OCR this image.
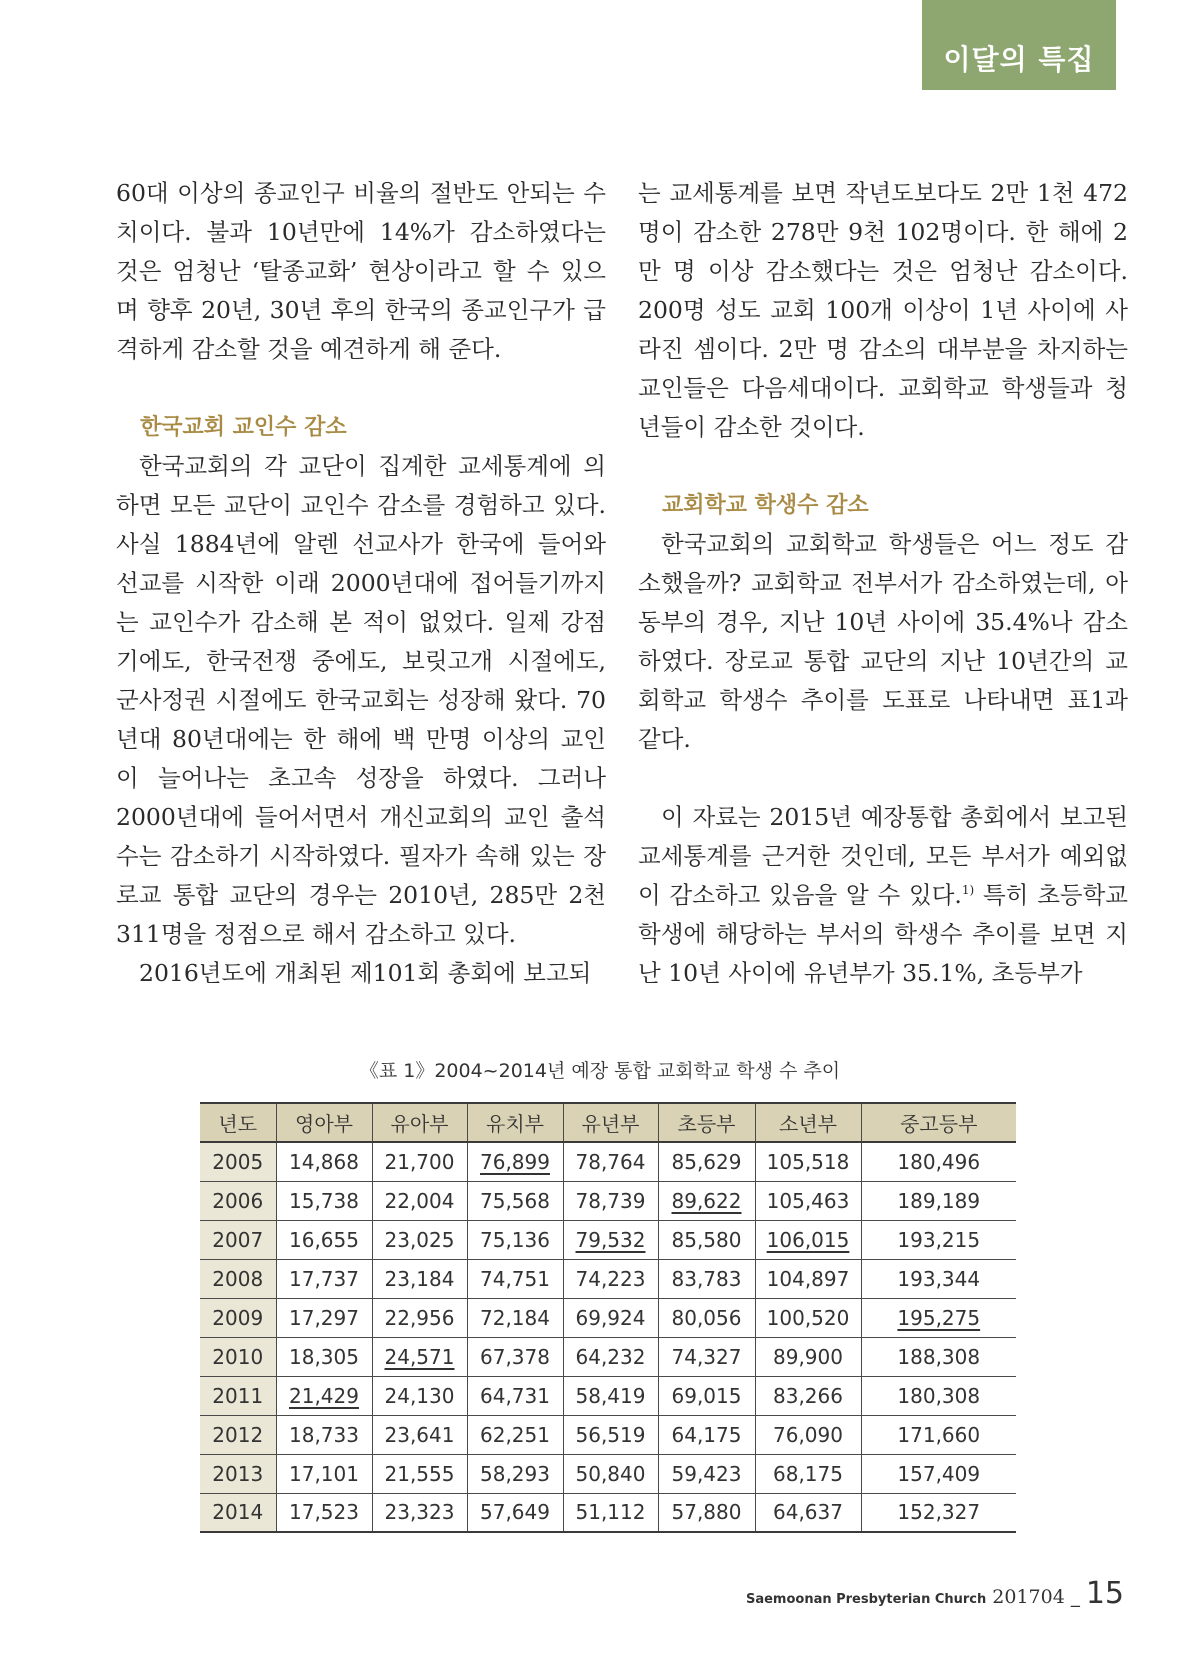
이달의 특집

60대 이상의 종교인구 비율의 절반도 안되는 수치이다. 불과 10년만에 14%가 감소하였다는 것은 엄청난 ‘탈종교화’ 현상이라고 할 수 있으며 향후 20년, 30년 후의 한국의 종교인구가 급격하게 감소할 것을 예견하게 해 준다.

한국교회 교인수 감소

한국교회의 각 교단이 집계한 교세통계에 의하면 모든 교단이 교인수 감소를 경험하고 있다. 사실 1884년에 알렌 선교사가 한국에 들어와 선교를 시작한 이래 2000년대에 접어들기까지는 교인수가 감소해 본 적이 없었다. 일제 강점기에도, 한국전쟁 중에도, 보릿고개 시절에도, 군사정권 시절에도 한국교회는 성장해 왔다. 70년대 80년대에는 한 해에 백 만명 이상의 교인이 늘어나는 초고속 성장을 하였다. 그러나 2000년대에 들어서면서 개신교회의 교인 출석수는 감소하기 시작하였다. 필자가 속해 있는 장로교 통합 교단의 경우는 2010년, 285만 2천 311명을 정점으로 해서 감소하고 있다.

2016년도에 개최된 제101회 총회에 보고되

는 교세통계를 보면 작년도보다도 2만 1천 472명이 감소한 278만 9천 102명이다. 한 해에 2만 명 이상 감소했다는 것은 엄청난 감소이다. 200명 성도 교회 100개 이상이 1년 사이에 사라진 셈이다. 2만 명 감소의 대부분을 차지하는 교인들은 다음세대이다. 교회학교 학생들과 청년들이 감소한 것이다.

교회학교 학생수 감소

한국교회의 교회학교 학생들은 어느 정도 감소했을까? 교회학교 전부서가 감소하였는데, 아동부의 경우, 지난 10년 사이에 35.4%나 감소하였다. 장로교 통합 교단의 지난 10년간의 교회학교 학생수 추이를 도표로 나타내면 표1과 같다.

이 자료는 2015년 예장통합 총회에서 보고된 교세통계를 근거한 것인데, 모든 부서가 예외없이 감소하고 있음을 알 수 있다.$^{1)}$ 특히 초등학교 학생에 해당하는 부서의 학생수 추이를 보면 지난 10년 사이에 유년부가 35.1%, 초등부가

《표 1》2004~2014년 예장 통합 교회학교 학생 수 추이
년도	영아부	유아부	유치부	유년부	초등부	소년부	중고등부
2005	14,868	21,700	76,899	78,764	85,629	105,518	180,496
2006	15,738	22,004	75,568	78,739	89,622	105,463	189,189
2007	16,655	23,025	75,136	79,532	85,580	106,015	193,215
2008	17,737	23,184	74,751	74,223	83,783	104,897	193,344
2009	17,297	22,956	72,184	69,924	80,056	100,520	195,275
2010	18,305	24,571	67,378	64,232	74,327	89,900	188,308
2011	21,429	24,130	64,731	58,419	69,015	83,266	180,308
2012	18,733	23,641	62,251	56,519	64,175	76,090	171,660
2013	17,101	21,555	58,293	50,840	59,423	68,175	157,409
2014	17,523	23,323	57,649	51,112	57,880	64,637	152,327
Saemoonan Presbyterian Church 201704 _ 15
